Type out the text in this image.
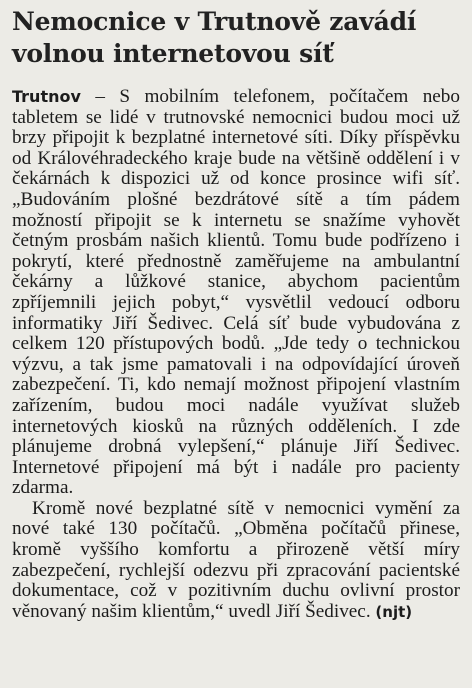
Nemocnice v Trutnově zavádí
volnou internetovou síť

Trutnov – S mobilním telefonem, počítačem nebo tabletem se lidé v trutnovské nemocnici budou moci už brzy připojit k bezplatné internetové síti. Díky příspěvku od Královéhradeckého kraje bude na většině oddělení i v čekárnách k dispozici už od konce prosince wifi síť. „Budováním plošné bezdrátové sítě a tím pádem možností připojit se k internetu se snažíme vyhovět četným prosbám našich klientů. Tomu bude podřízeno i pokrytí, které přednostně zaměřujeme na ambulantní čekárny a lůžkové stanice, abychom pacientům zpříjemnili jejich pobyt,“ vysvětlil vedoucí odboru informatiky Jiří Šedivec. Celá síť bude vybudována z celkem 120 přístupových bodů. „Jde tedy o technickou výzvu, a tak jsme pamatovali i na odpovídající úroveň zabezpečení. Ti, kdo nemají možnost připojení vlastním zařízením, budou moci nadále využívat služeb internetových kiosků na různých odděleních. I zde plánujeme drobná vylepšení,“ plánuje Jiří Šedivec. Internetové připojení má být i nadále pro pacienty zdarma.

Kromě nové bezplatné sítě v nemocnici vymění za nové také 130 počítačů. „Obměna počítačů přinese, kromě vyššího komfortu a přirozeně větší míry zabezpečení, rychlejší odezvu při zpracování pacientské dokumentace, což v pozitivním duchu ovlivní prostor věnovaný našim klientům,“ uvedl Jiří Šedivec. (njt)
